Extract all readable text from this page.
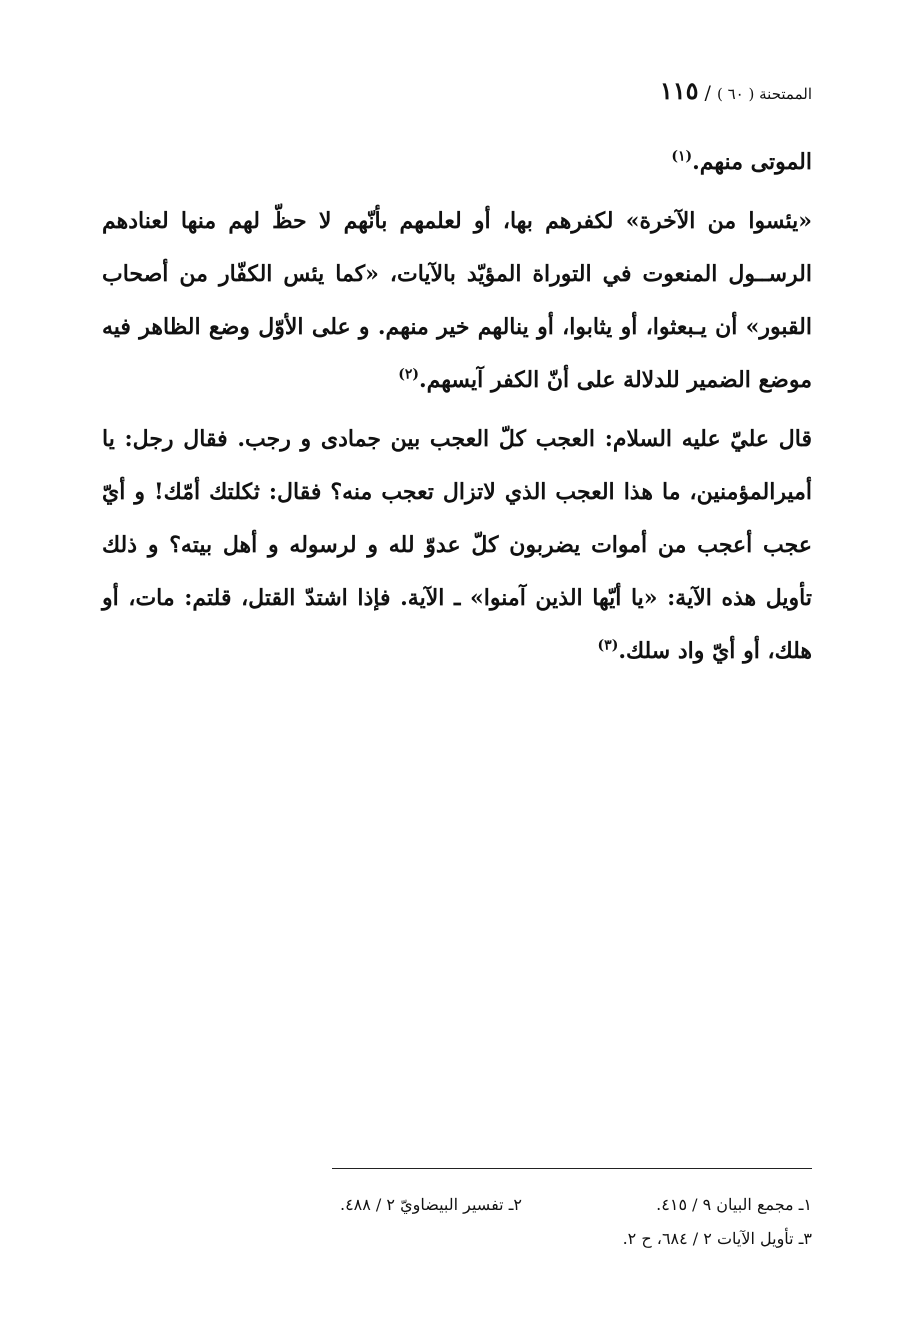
الممتحنة ( ٦٠ ) / ١١٥

الموتى منهم.$^{(١)}$

«يئسوا من الآخرة» لكفرهم بها، أو لعلمهم بأنّهم لا حظّ لهم منها لعنادهم الرســول المنعوت في التوراة المؤيّد بالآيات، «كما يئس الكفّار من أصحاب القبور» أن يـبعثوا، أو يثابوا، أو ينالهم خير منهم. و على الأوّل وضع الظاهر فيه موضع الضمير للدلالة على أنّ الكفر آيسهم.$^{(٢)}$

قال عليّ عليه السلام: العجب كلّ العجب بين جمادى و رجب. فقال رجل: يا أميرالمؤمنين، ما هذا العجب الذي لاتزال تعجب منه؟ فقال: ثكلتك أمّك! و أيّ عجب أعجب من أموات يضربون كلّ عدوّ لله و لرسوله و أهل بيته؟ و ذلك تأويل هذه الآية: «يا أيّها الذين آمنوا» ـ الآية. فإذا اشتدّ القتل، قلتم: مات، أو هلك، أو أيّ واد سلك.$^{(٣)}$

١ـ مجمع البيان ٩ / ٤١٥.
٢ـ تفسير البيضاويّ ٢ / ٤٨٨.
٣ـ تأويل الآيات ٢ / ٦٨٤، ح ٢.
